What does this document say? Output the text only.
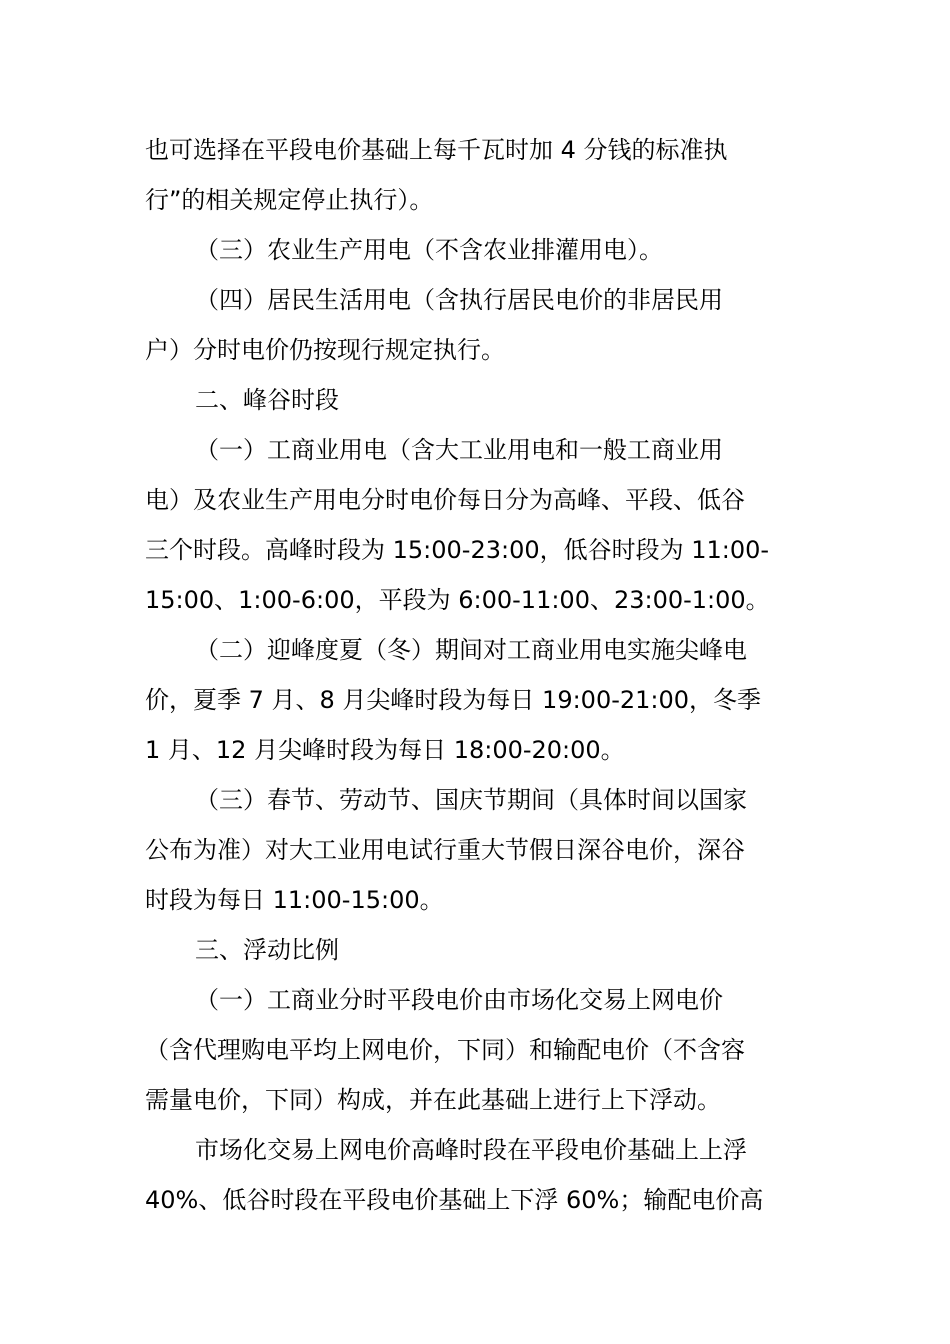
也可选择在平段电价基础上每千瓦时加 4 分钱的标准执
行”的相关规定停止执行）。
（三）农业生产用电（不含农业排灌用电）。
（四）居民生活用电（含执行居民电价的非居民用
户）分时电价仍按现行规定执行。
二、峰谷时段
（一）工商业用电（含大工业用电和一般工商业用
电）及农业生产用电分时电价每日分为高峰、平段、低谷
三个时段。高峰时段为 15:00-23:00，低谷时段为 11:00-
15:00、1:00-6:00，平段为 6:00-11:00、23:00-1:00。
（二）迎峰度夏（冬）期间对工商业用电实施尖峰电
价，夏季 7 月、8 月尖峰时段为每日 19:00-21:00，冬季
1 月、12 月尖峰时段为每日 18:00-20:00。
（三）春节、劳动节、国庆节期间（具体时间以国家
公布为准）对大工业用电试行重大节假日深谷电价，深谷
时段为每日 11:00-15:00。
三、浮动比例
（一）工商业分时平段电价由市场化交易上网电价
（含代理购电平均上网电价，下同）和输配电价（不含容
需量电价，下同）构成，并在此基础上进行上下浮动。
市场化交易上网电价高峰时段在平段电价基础上上浮
40%、低谷时段在平段电价基础上下浮 60%；输配电价高
